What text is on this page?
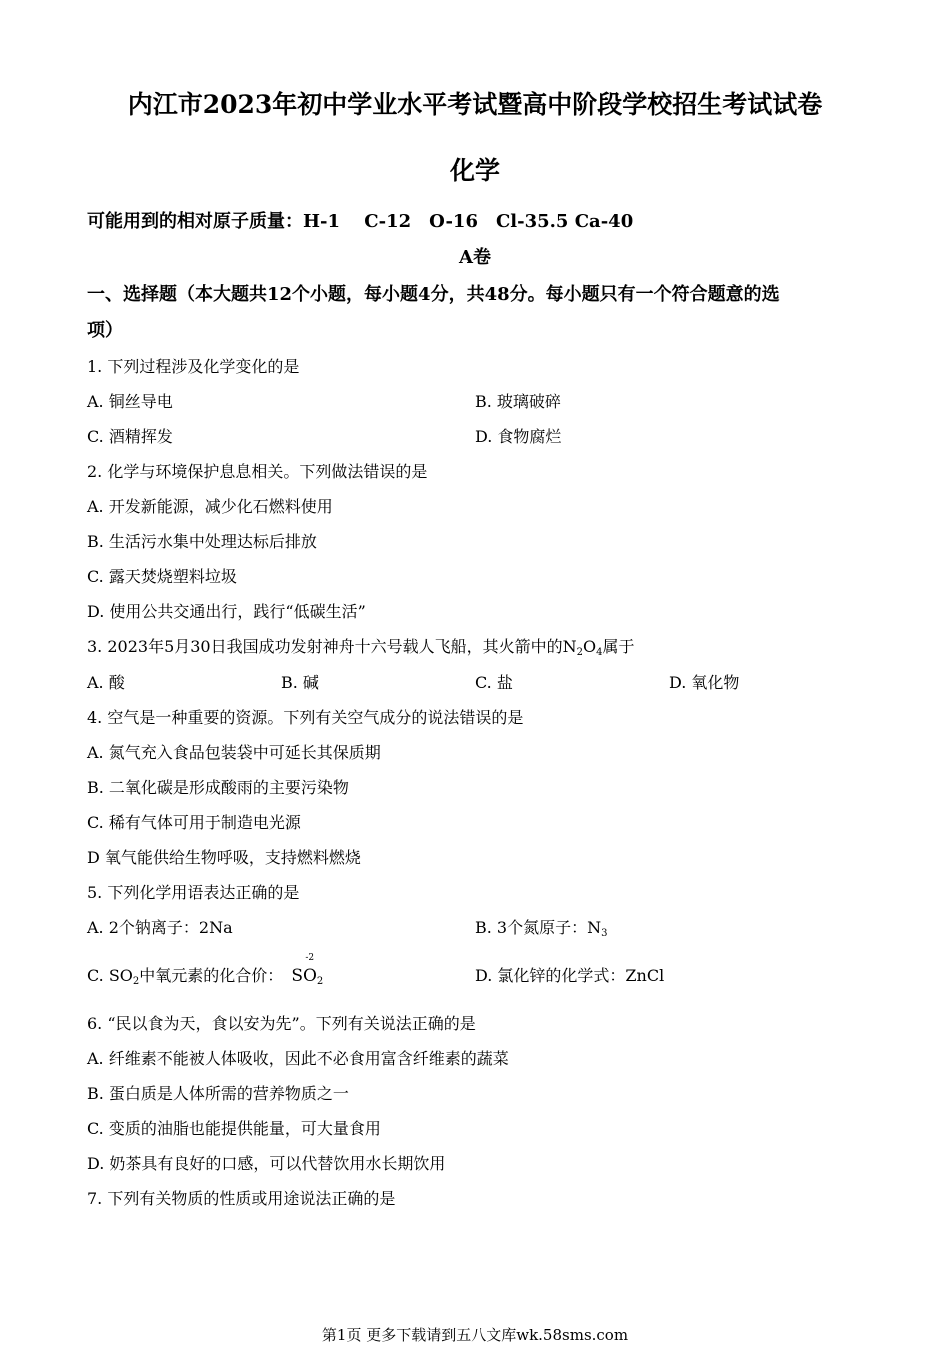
内江市2023年初中学业水平考试暨高中阶段学校招生考试试卷
化学
可能用到的相对原子质量：H-1　 C-12　O-16　Cl-35.5 Ca-40
A卷
一、选择题（本大题共12个小题，每小题4分，共48分。每小题只有一个符合题意的选
项）
1. 下列过程涉及化学变化的是
A. 铜丝导电	B. 玻璃破碎
C. 酒精挥发	D. 食物腐烂
2. 化学与环境保护息息相关。下列做法错误的是
A. 开发新能源，减少化石燃料使用
B. 生活污水集中处理达标后排放
C. 露天焚烧塑料垃圾
D. 使用公共交通出行，践行“低碳生活”
3. 2023年5月30日我国成功发射神舟十六号载人飞船，其火箭中的$N_2O_4$属于
A. 酸	B. 碱	C. 盐	D. 氧化物
4. 空气是一种重要的资源。下列有关空气成分的说法错误的是
A. 氮气充入食品包装袋中可延长其保质期
B. 二氧化碳是形成酸雨的主要污染物
C. 稀有气体可用于制造电光源
D 氧气能供给生物呼吸，支持燃料燃烧
5. 下列化学用语表达正确的是
A. 2个钠离子：2Na	B. 3个氮原子：$N_3$
C. $SO_2$中氧元素的化合价：
-2
$SO_2$	D. 氯化锌的化学式：ZnCl
6. “民以食为天，食以安为先”。下列有关说法正确的是
A. 纤维素不能被人体吸收，因此不必食用富含纤维素的蔬菜
B. 蛋白质是人体所需的营养物质之一
C. 变质的油脂也能提供能量，可大量食用
D. 奶茶具有良好的口感，可以代替饮用水长期饮用
7. 下列有关物质的性质或用途说法正确的是
第1页 更多下载请到五八文库wk.58sms.com
